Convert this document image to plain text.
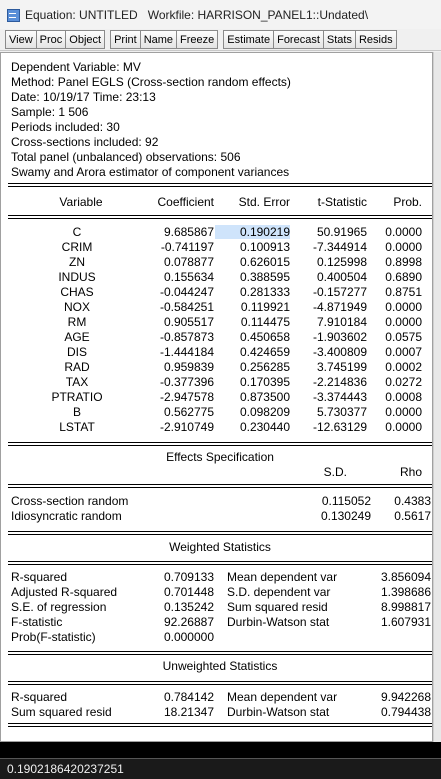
Equation: UNTITLED Workfile: HARRISON_PANEL1::Undated\
View Proc Object	Print Name Freeze	Estimate Forecast Stats Resids
Dependent Variable: MV
Method: Panel EGLS (Cross-section random effects)
Date: 10/19/17 Time: 23:13
Sample: 1 506
Periods included: 30
Cross-sections included: 92
Total panel (unbalanced) observations: 506
Swamy and Arora estimator of component variances
Variable	Coefficient	Std. Error	t-Statistic	Prob.
C	9.685867	0.190219	50.91965	0.0000
CRIM	-0.741197	0.100913	-7.344914	0.0000
ZN	0.078877	0.626015	0.125998	0.8998
INDUS	0.155634	0.388595	0.400504	0.6890
CHAS	-0.044247	0.281333	-0.157277	0.8751
NOX	-0.584251	0.119921	-4.871949	0.0000
RM	0.905517	0.114475	7.910184	0.0000
AGE	-0.857873	0.450658	-1.903602	0.0575
DIS	-1.444184	0.424659	-3.400809	0.0007
RAD	0.959839	0.256285	3.745199	0.0002
TAX	-0.377396	0.170395	-2.214836	0.0272
PTRATIO	-2.947578	0.873500	-3.374443	0.0008
B	0.562775	0.098209	5.730377	0.0000
LSTAT	-2.910749	0.230440	-12.63129	0.0000
Effects Specification
S.D.	Rho
Cross-section random	0.115052	0.4383
Idiosyncratic random	0.130249	0.5617
Weighted Statistics
R-squared	0.709133 Mean dependent var	3.856094
Adjusted R-squared	0.701448 S.D. dependent var	1.398686
S.E. of regression	0.135242 Sum squared resid	8.998817
F-statistic	92.26887 Durbin-Watson stat	1.607931
Prob(F-statistic)	0.000000
Unweighted Statistics
R-squared	0.784142 Mean dependent var	9.942268
Sum squared resid	18.21347 Durbin-Watson stat	0.794438
0.1902186420237251
